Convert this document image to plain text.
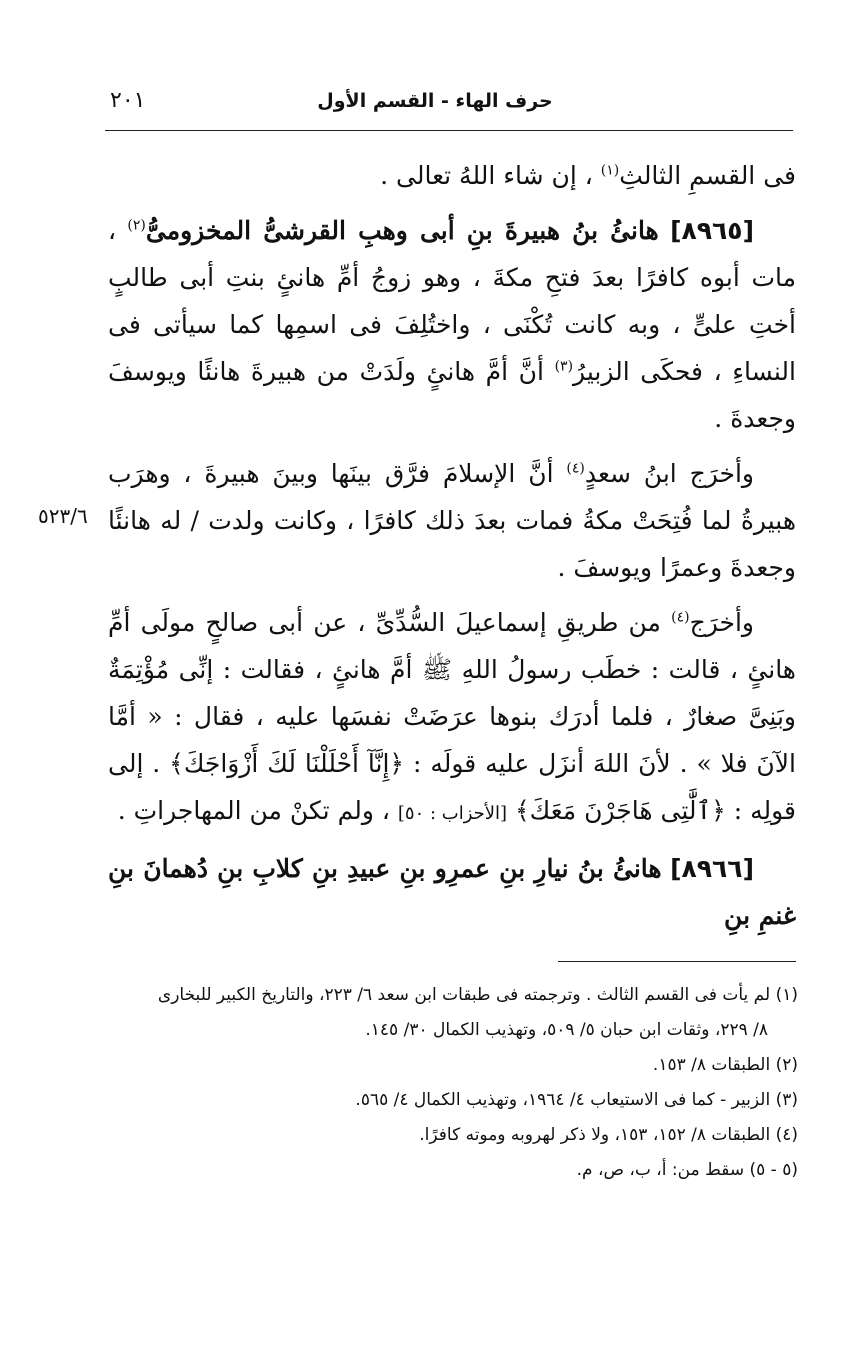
٢٠١	حرف الهاء - القسم الأول
٥٢٣/٦

فى القسمِ الثالثِ$^{(١)}$ ، إن شاء اللهُ تعالى .

[٨٩٦٥] هانئُ بنُ هبيرةَ بنِ أبى وهبِ القرشىُّ المخزومىُّ$^{(٢)}$ ، مات أبوه كافرًا بعدَ فتحِ مكةَ ، وهو زوجُ أمِّ هانئٍ بنتِ أبى طالبٍ أختِ علىٍّ ، وبه كانت تُكْنَى ، واختُلِفَ فى اسمِها كما سيأتى فى النساءِ ، فحكَى الزبيرُ$^{(٣)}$ أنَّ أمَّ هانئٍ ولَدَتْ من هبيرةَ هانئًا ويوسفَ وجعدةَ .

وأخرَج ابنُ سعدٍ$^{(٤)}$ أنَّ الإسلامَ فرَّق بينَها وبينَ هبيرةَ ، وهرَب هبيرةُ لما فُتِحَتْ مكةُ فمات بعدَ ذلك كافرًا ، وكانت ولدت / له هانئًا وجعدةَ وعمرًا ويوسفَ .

وأخرَج$^{(٤)}$ من طريقِ إسماعيلَ السُّدِّىِّ ، عن أبى صالحٍ مولَى أمِّ هانئٍ ، قالت : خطَب رسولُ اللهِ ﷺ أمَّ هانئٍ ، فقالت : إنِّى مُؤْتِمَةٌ وبَنِىَّ صغارٌ ، فلما أدرَك بنوها عرَضَتْ نفسَها عليه ، فقال : « أمَّا الآنَ فلا » . لأنَ اللهَ أنزَل عليه قولَه : ﴿إِنَّآ أَحْلَلْنَا لَكَ أَزْوَاجَكَ﴾ . إلى قولِه : ﴿ٱلَّٰتِى هَاجَرْنَ مَعَكَ﴾ [الأحزاب : ٥٠] ، ولم تكنْ من المهاجراتِ .

[٨٩٦٦] هانئُ بنُ نيارِ بنِ عمرِو بنِ عبيدِ بنِ كلابِ بنِ دُهمانَ بنِ غنمِ بنِ

(١) لم يأت فى القسم الثالث . وترجمته فى طبقات ابن سعد ٦/ ٢٢٣، والتاريخ الكبير للبخارى
٨/ ٢٢٩، وثقات ابن حبان ٥/ ٥٠٩، وتهذيب الكمال ٣٠/ ١٤٥.
(٢) الطبقات ٨/ ١٥٣.
(٣) الزبير - كما فى الاستيعاب ٤/ ١٩٦٤، وتهذيب الكمال ٤/ ٥٦٥.
(٤) الطبقات ٨/ ١٥٢، ١٥٣، ولا ذكر لهروبه وموته كافرًا.
(٥ - ٥) سقط من: أ، ب، ص، م.
